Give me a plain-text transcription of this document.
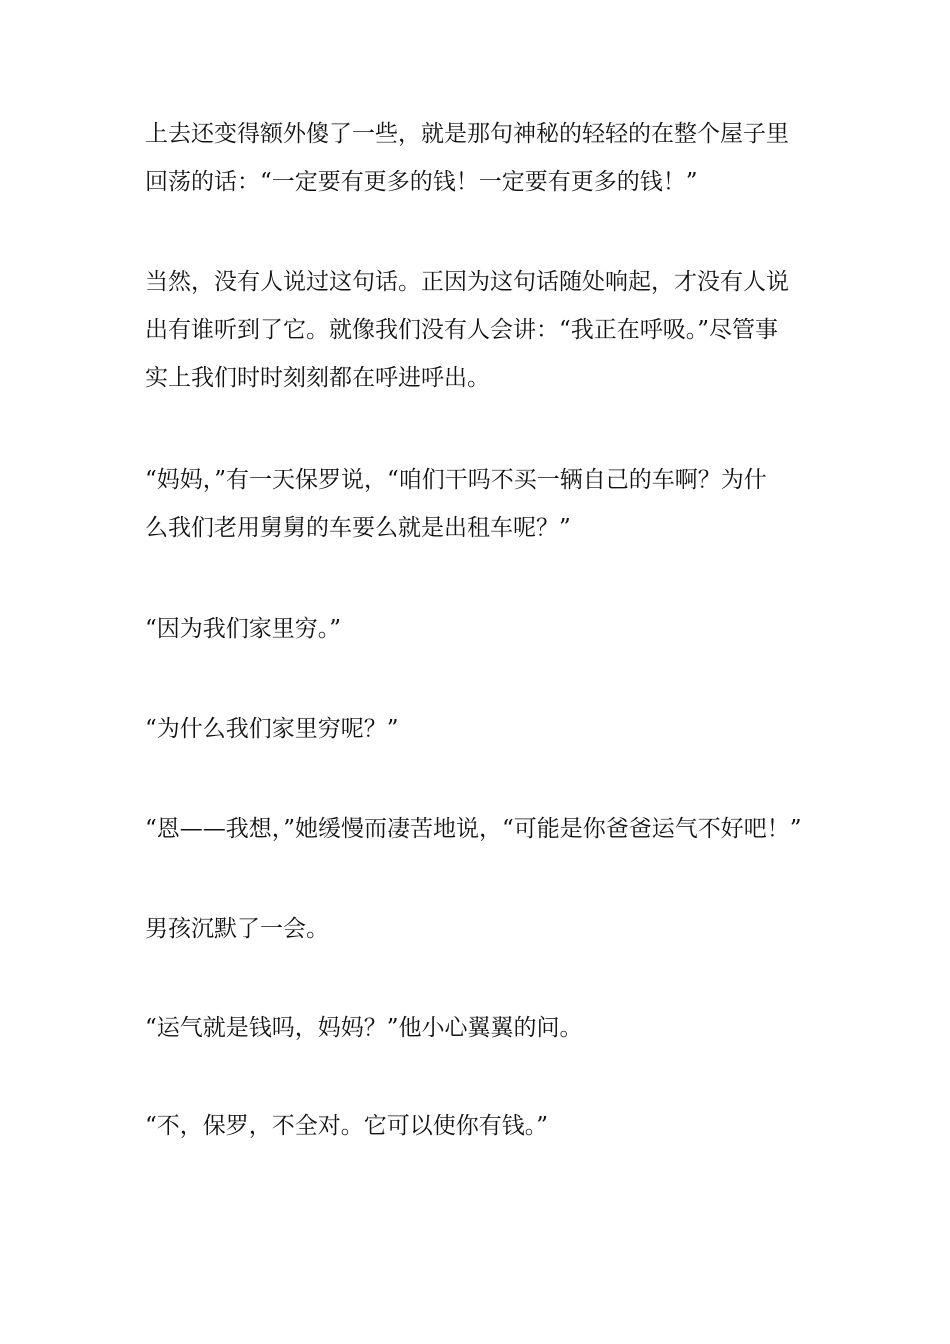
上去还变得额外傻了一些，就是那句神秘的轻轻的在整个屋子里
回荡的话：“一定要有更多的钱！一定要有更多的钱！”

当然，没有人说过这句话。正因为这句话随处响起，才没有人说
出有谁听到了它。就像我们没有人会讲：“我正在呼吸。”尽管事
实上我们时时刻刻都在呼进呼出。

“妈妈，”有一天保罗说，“咱们干吗不买一辆自己的车啊？为什
么我们老用舅舅的车要么就是出租车呢？”

“因为我们家里穷。”

“为什么我们家里穷呢？”

“恩——我想，”她缓慢而凄苦地说，“可能是你爸爸运气不好吧！”

男孩沉默了一会。

“运气就是钱吗，妈妈？”他小心翼翼的问。

“不，保罗，不全对。它可以使你有钱。”
